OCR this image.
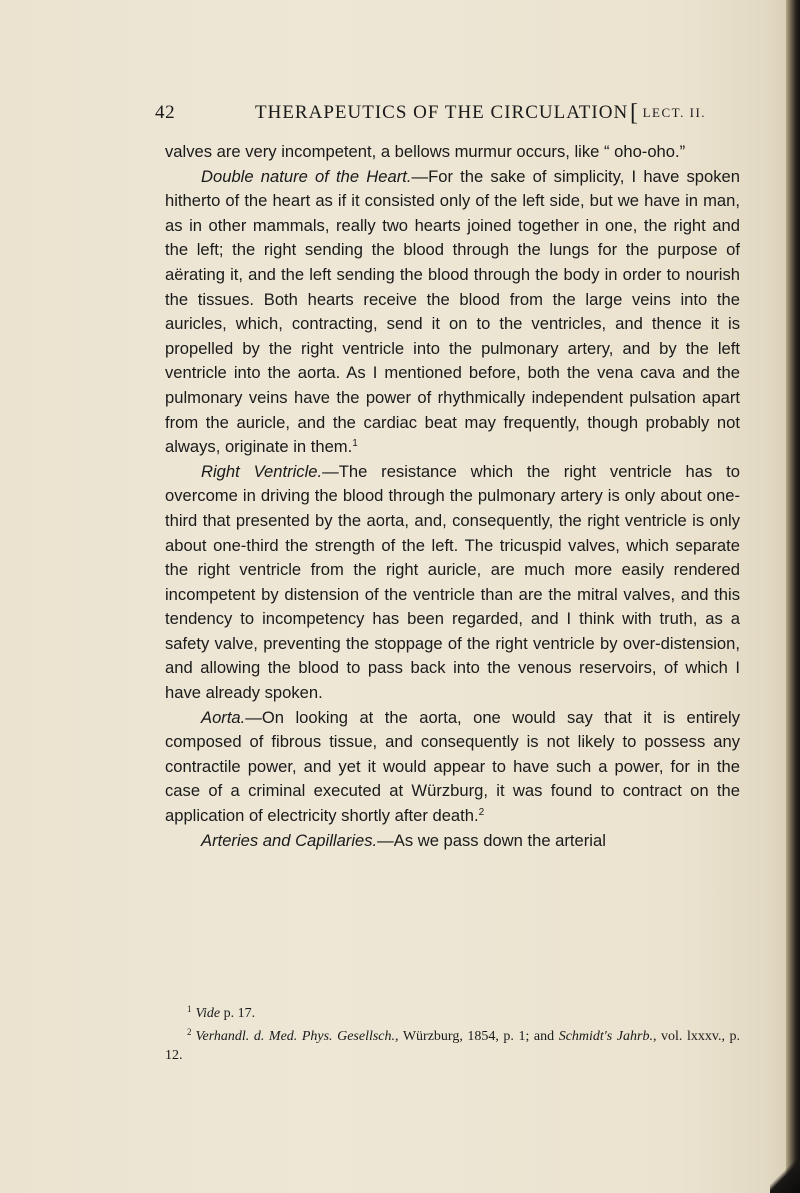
42	THERAPEUTICS OF THE CIRCULATION [ LECT. II.

valves are very incompetent, a bellows murmur occurs, like “ oho-oho.”

Double nature of the Heart.—For the sake of simplicity, I have spoken hitherto of the heart as if it consisted only of the left side, but we have in man, as in other mammals, really two hearts joined together in one, the right and the left; the right sending the blood through the lungs for the purpose of aërating it, and the left sending the blood through the body in order to nourish the tissues. Both hearts receive the blood from the large veins into the auricles, which, contracting, send it on to the ventricles, and thence it is propelled by the right ventricle into the pulmonary artery, and by the left ventricle into the aorta. As I mentioned before, both the vena cava and the pulmonary veins have the power of rhythmically independent pulsation apart from the auricle, and the cardiac beat may frequently, though probably not always, originate in them.$^1$

Right Ventricle.—The resistance which the right ventricle has to overcome in driving the blood through the pulmonary artery is only about one-third that presented by the aorta, and, consequently, the right ventricle is only about one-third the strength of the left. The tricuspid valves, which separate the right ventricle from the right auricle, are much more easily rendered incompetent by distension of the ventricle than are the mitral valves, and this tendency to incompetency has been regarded, and I think with truth, as a safety valve, preventing the stoppage of the right ventricle by over-distension, and allowing the blood to pass back into the venous reservoirs, of which I have already spoken.

Aorta.—On looking at the aorta, one would say that it is entirely composed of fibrous tissue, and consequently is not likely to possess any contractile power, and yet it would appear to have such a power, for in the case of a criminal executed at Würzburg, it was found to contract on the application of electricity shortly after death.$^2$

Arteries and Capillaries.—As we pass down the arterial

$^1$ Vide p. 17.

$^2$ Verhandl. d. Med. Phys. Gesellsch., Würzburg, 1854, p. 1; and Schmidt's Jahrb., vol. lxxxv., p. 12.
